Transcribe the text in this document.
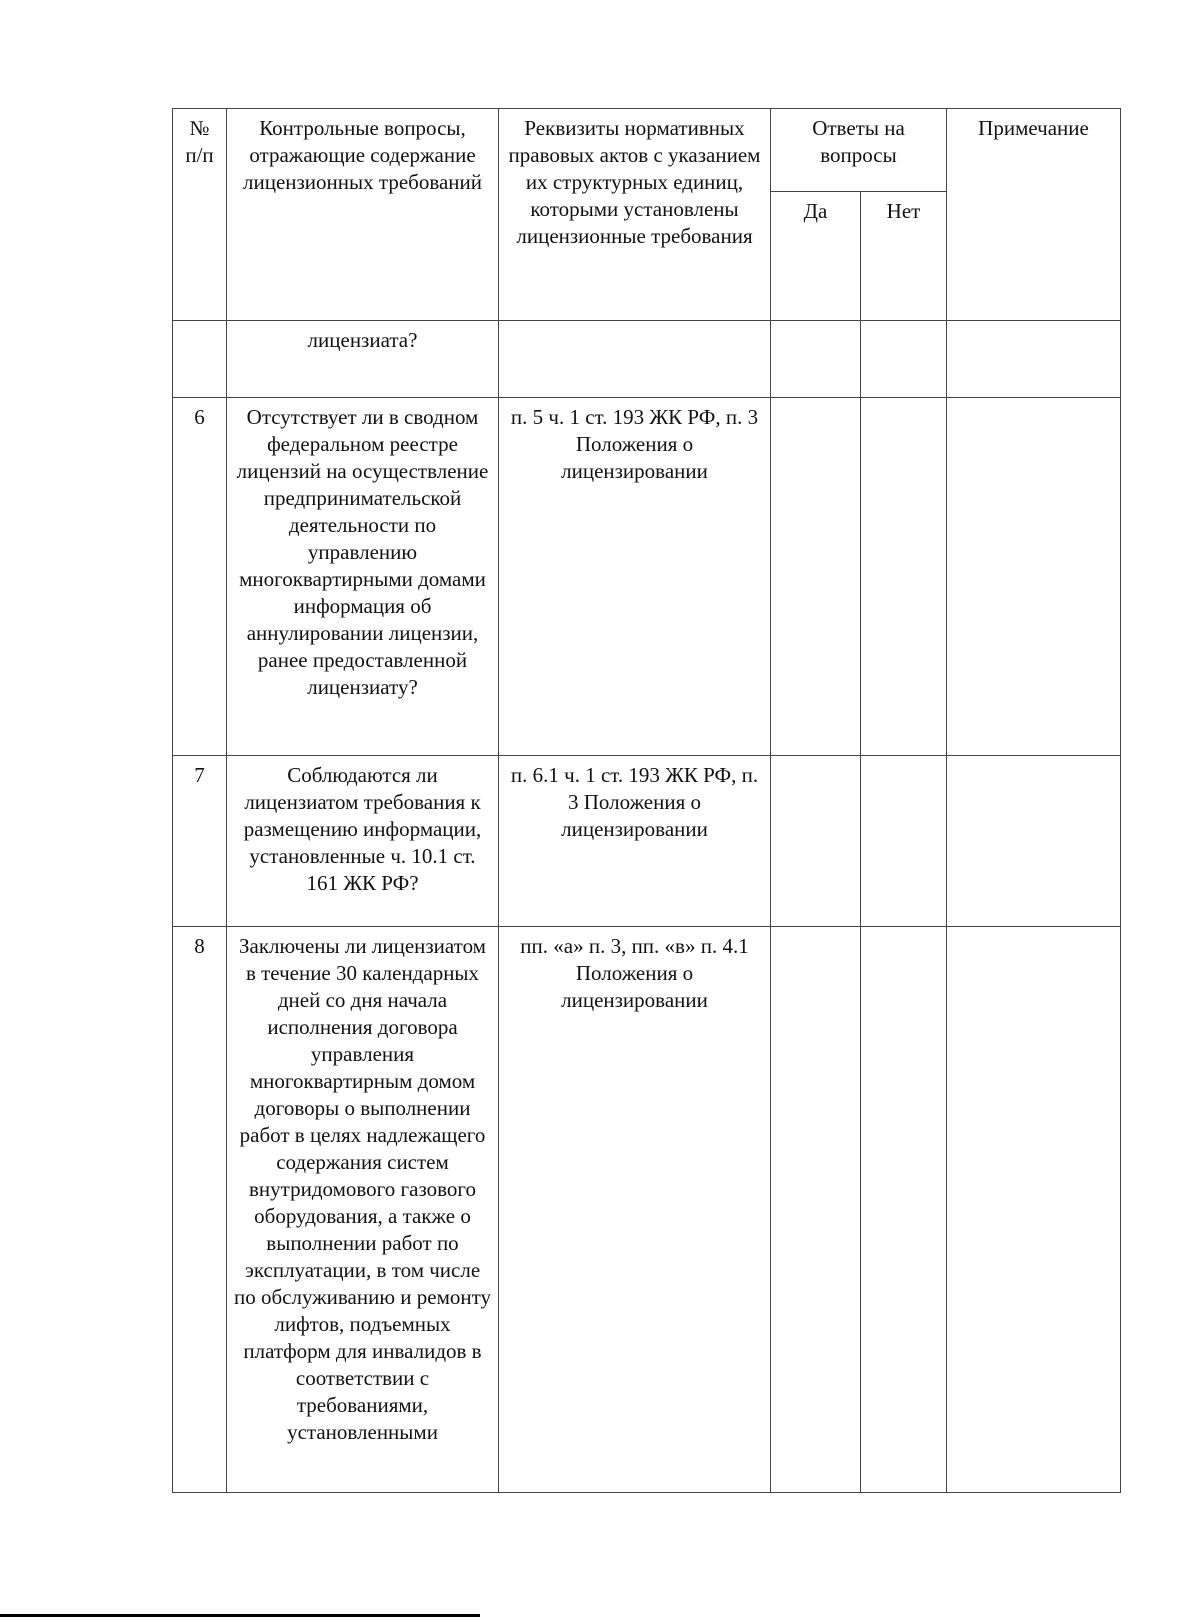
№ п/п	Контрольные вопросы, отражающие содержание лицензионных требований	Реквизиты нормативных правовых актов с указанием их структурных единиц, которыми установлены лицензионные требования	Ответы на вопросы		Примечание

			Да	Нет	

	лицензиата?				

6	Отсутствует ли в сводном федеральном реестре лицензий на осуществление предпринимательской деятельности по управлению многоквартирными домами информация об аннулировании лицензии, ранее предоставленной лицензиату?	п. 5 ч. 1 ст. 193 ЖК РФ, п. 3 Положения о лицензировании			

7	Соблюдаются ли лицензиатом требования к размещению информации, установленные ч. 10.1 ст. 161 ЖК РФ?	п. 6.1 ч. 1 ст. 193 ЖК РФ, п. 3 Положения о лицензировании			

8	Заключены ли лицензиатом в течение 30 календарных дней со дня начала исполнения договора управления многоквартирным домом договоры о выполнении работ в целях надлежащего содержания систем внутридомового газового оборудования, а также о выполнении работ по эксплуатации, в том числе по обслуживанию и ремонту лифтов, подъемных платформ для инвалидов в соответствии с требованиями, установленными	пп. «а» п. 3, пп. «в» п. 4.1 Положения о лицензировании			
